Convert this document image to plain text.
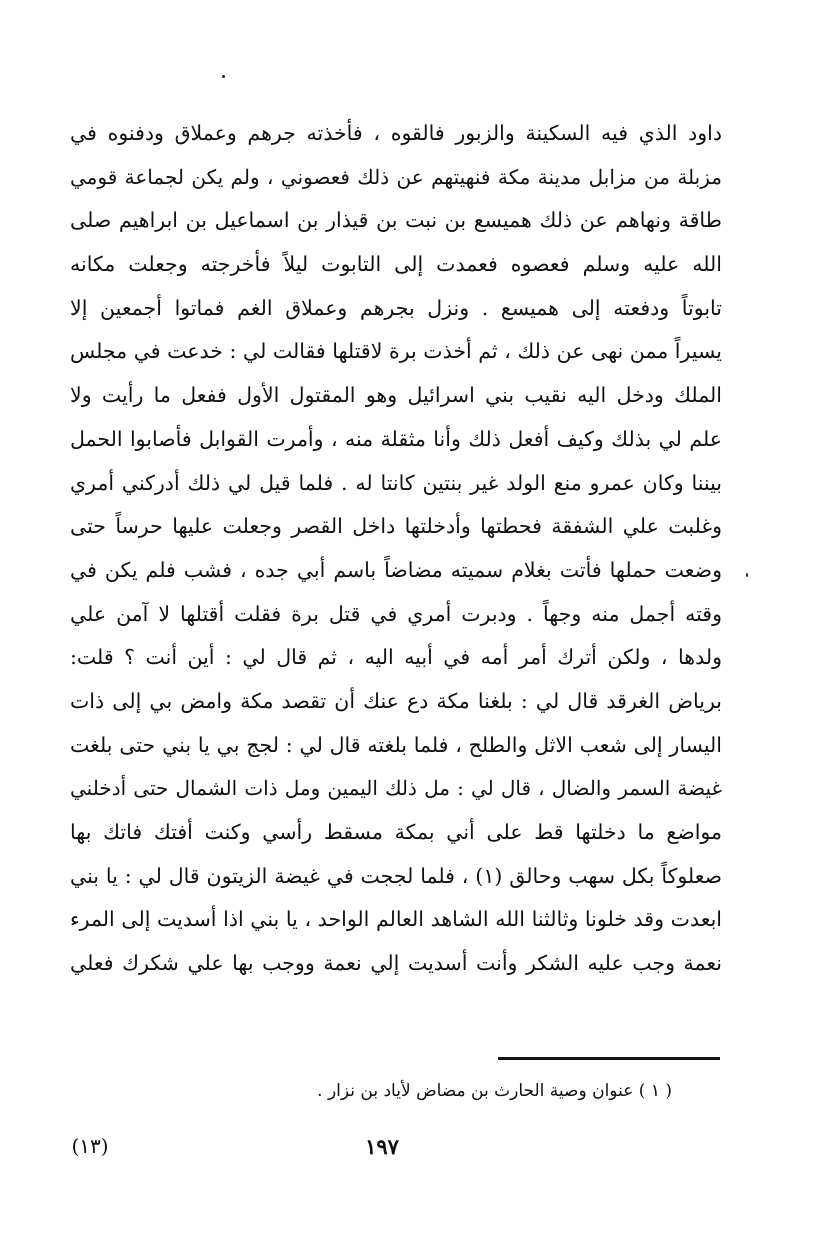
داود الذي فيه السكينة والزبور فالقوه ، فأخذته جرهم وعملاق ودفنوه في
مزبلة من مزابل مدينة مكة فنهيتهم عن ذلك فعصوني ، ولم يكن لجماعة قومي
طاقة ونهاهم عن ذلك هميسع بن نبت بن قيذار بن اسماعيل بن ابراهيم صلى
الله عليه وسلم فعصوه فعمدت إلى التابوت ليلاً فأخرجته وجعلت مكانه
تابوتاً ودفعته إلى هميسع . ونزل بجرهم وعملاق الغم فماتوا أجمعين إلا
يسيراً ممن نهى عن ذلك ، ثم أخذت برة لاقتلها فقالت لي : خدعت في مجلس
الملك ودخل اليه نقيب بني اسرائيل وهو المقتول الأول ففعل ما رأيت ولا
علم لي بذلك وكيف أفعل ذلك وأنا مثقلة منه ، وأمرت القوابل فأصابوا الحمل
بيننا وكان عمرو منع الولد غير بنتين كانتا له . فلما قيل لي ذلك أدركني أمري
وغلبت علي الشفقة فحطتها وأدخلتها داخل القصر وجعلت عليها حرساً حتى
وضعت حملها فأتت بغلام سميته مضاضاً باسم أبي جده ، فشب فلم يكن في
وقته أجمل منه وجهاً . ودبرت أمري في قتل برة فقلت أقتلها لا آمن علي
ولدها ، ولكن أترك أمر أمه في أبيه اليه ، ثم قال لي : أين أنت ؟ قلت:
برياض الغرقد قال لي : بلغنا مكة دع عنك أن تقصد مكة وامض بي إلى ذات
اليسار إلى شعب الاثل والطلح ، فلما بلغته قال لي : لجج بي يا بني حتى بلغت
غيضة السمر والضال ، قال لي : مل ذلك اليمين ومل ذات الشمال حتى أدخلني
مواضع ما دخلتها قط على أني بمكة مسقط رأسي وكنت أفتك فاتك بها
صعلوكاً بكل سهب وحالق (١) ، فلما لججت في غيضة الزيتون قال لي : يا بني
ابعدت وقد خلونا وثالثنا الله الشاهد العالم الواحد ، يا بني اذا أسديت إلى المرء
نعمة وجب عليه الشكر وأنت أسديت إلي نعمة ووجب بها علي شكرك فعلي
( ١ ) عنوان وصية الحارث بن مضاض لأياد بن نزار .
١٩٧
(١٣)
